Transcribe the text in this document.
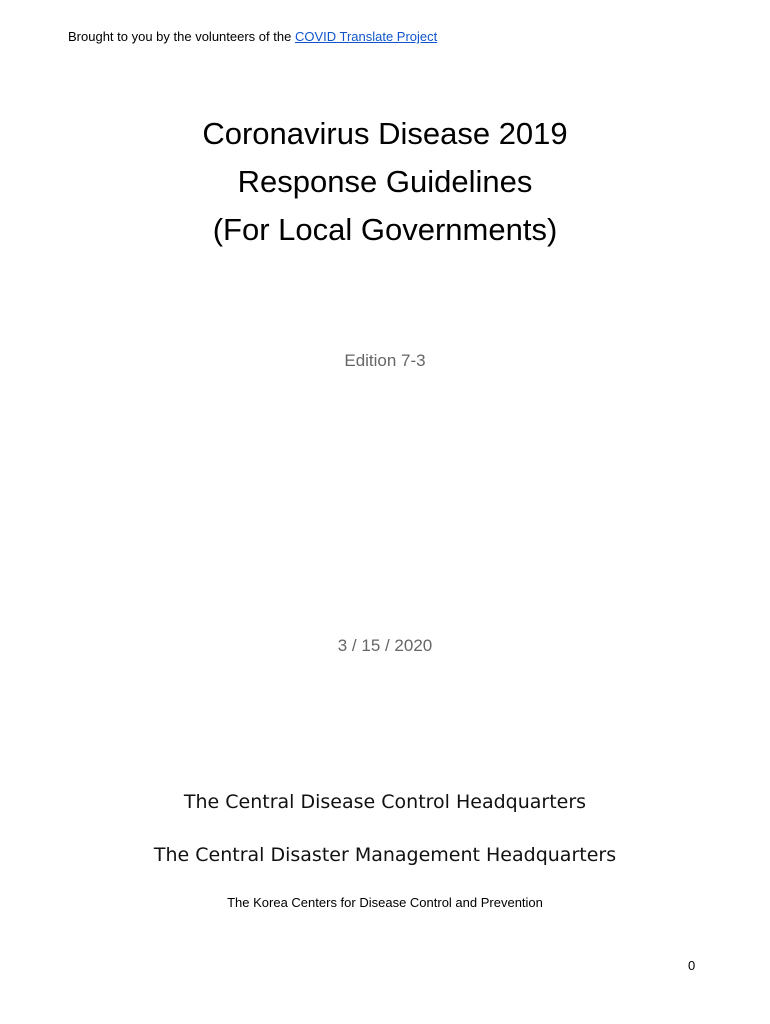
Brought to you by the volunteers of the COVID Translate Project
Coronavirus Disease 2019
Response Guidelines
(For Local Governments)
Edition 7-3
3 / 15 / 2020
The Central Disease Control Headquarters
The Central Disaster Management Headquarters
The Korea Centers for Disease Control and Prevention
0
